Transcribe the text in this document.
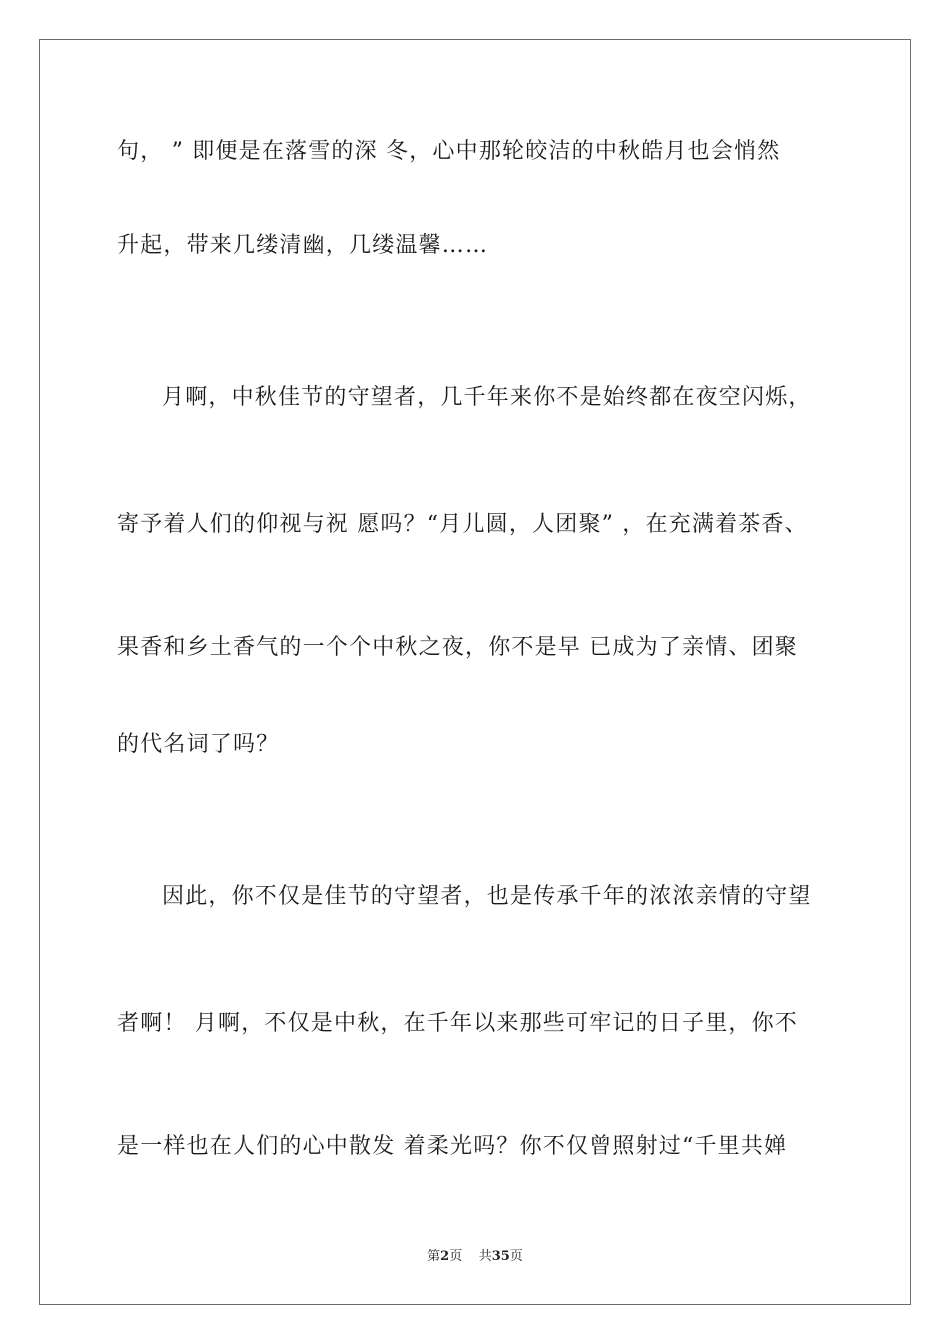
句， ” 即便是在落雪的深 冬，心中那轮皎洁的中秋皓月也会悄然
升起，带来几缕清幽，几缕温馨……
月啊，中秋佳节的守望者，几千年来你不是始终都在夜空闪烁，
寄予着人们的仰视与祝 愿吗？“月儿圆，人团聚” ，在充满着茶香、
果香和乡土香气的一个个中秋之夜，你不是早 已成为了亲情、团聚
的代名词了吗？
因此，你不仅是佳节的守望者，也是传承千年的浓浓亲情的守望
者啊！ 月啊，不仅是中秋，在千年以来那些可牢记的日子里，你不
是一样也在人们的心中散发 着柔光吗？你不仅曾照射过“千里共婵
第2页 共35页
